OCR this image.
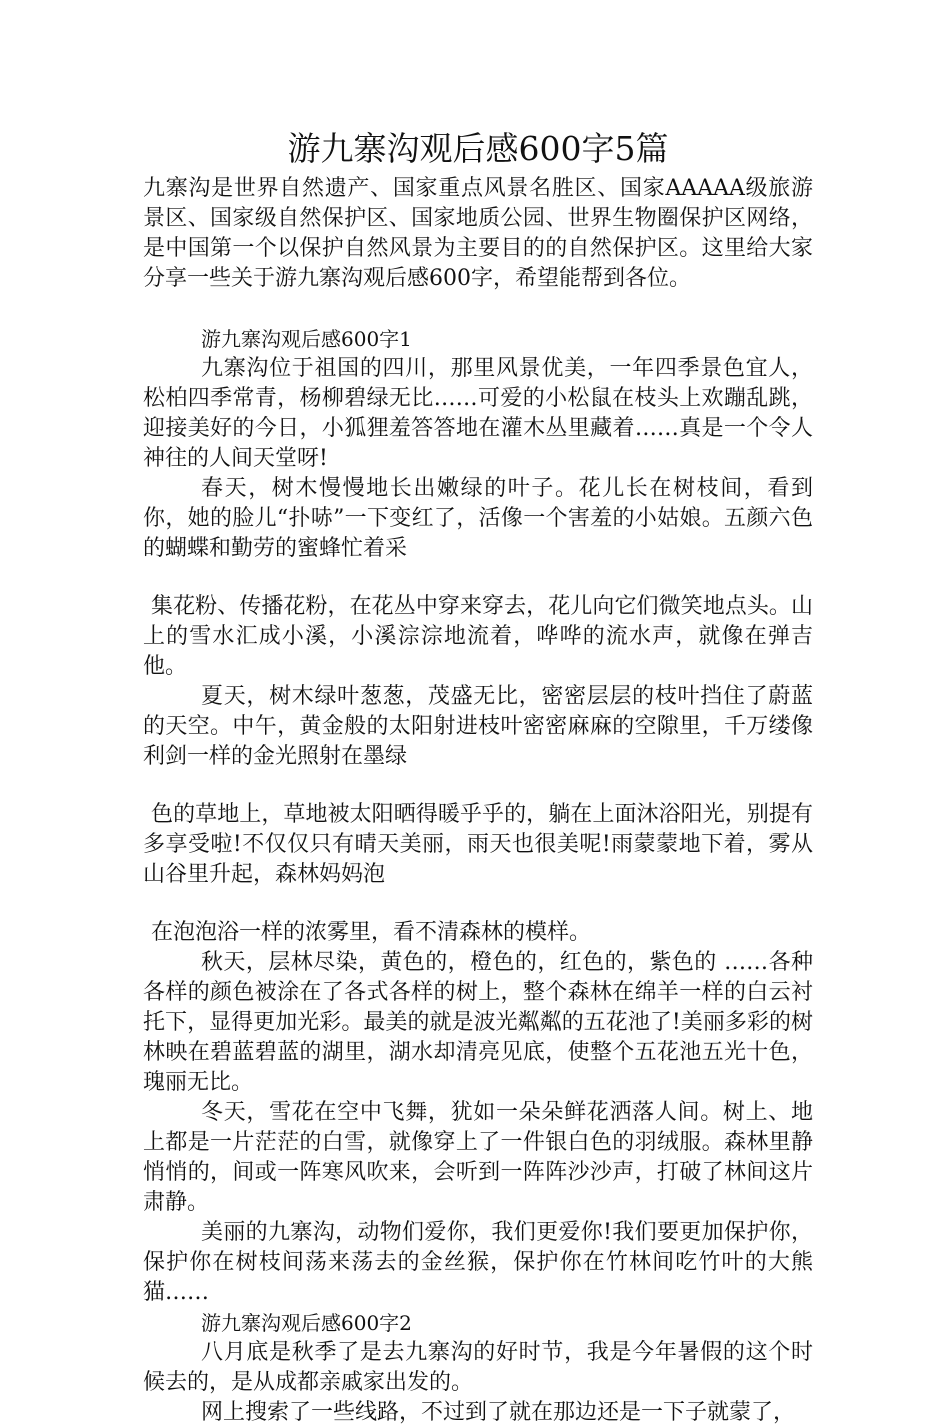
游九寨沟观后感600字5篇

九寨沟是世界自然遗产、国家重点风景名胜区、国家AAAAA级旅游景区、国家级自然保护区、国家地质公园、世界生物圈保护区网络，是中国第一个以保护自然风景为主要目的的自然保护区。这里给大家分享一些关于游九寨沟观后感600字，希望能帮到各位。

游九寨沟观后感600字1

九寨沟位于祖国的四川，那里风景优美，一年四季景色宜人，松柏四季常青，杨柳碧绿无比……可爱的小松鼠在枝头上欢蹦乱跳，迎接美好的今日，小狐狸羞答答地在灌木丛里藏着……真是一个令人神往的人间天堂呀!

春天，树木慢慢地长出嫩绿的叶子。花儿长在树枝间，看到你，她的脸儿“扑哧”一下变红了，活像一个害羞的小姑娘。五颜六色的蝴蝶和勤劳的蜜蜂忙着采

集花粉、传播花粉，在花丛中穿来穿去，花儿向它们微笑地点头。山上的雪水汇成小溪，小溪淙淙地流着，哗哗的流水声，就像在弹吉他。

夏天，树木绿叶葱葱，茂盛无比，密密层层的枝叶挡住了蔚蓝的天空。中午，黄金般的太阳射进枝叶密密麻麻的空隙里，千万缕像利剑一样的金光照射在墨绿

色的草地上，草地被太阳晒得暖乎乎的，躺在上面沐浴阳光，别提有多享受啦!不仅仅只有晴天美丽，雨天也很美呢!雨蒙蒙地下着，雾从山谷里升起，森林妈妈泡

在泡泡浴一样的浓雾里，看不清森林的模样。

秋天，层林尽染，黄色的，橙色的，红色的，紫色的 ……各种各样的颜色被涂在了各式各样的树上，整个森林在绵羊一样的白云衬托下，显得更加光彩。最美的就是波光粼粼的五花池了!美丽多彩的树林映在碧蓝碧蓝的湖里，湖水却清亮见底，使整个五花池五光十色，瑰丽无比。

冬天，雪花在空中飞舞，犹如一朵朵鲜花洒落人间。树上、地上都是一片茫茫的白雪，就像穿上了一件银白色的羽绒服。森林里静悄悄的，间或一阵寒风吹来，会听到一阵阵沙沙声，打破了林间这片肃静。

美丽的九寨沟，动物们爱你，我们更爱你!我们要更加保护你，保护你在树枝间荡来荡去的金丝猴，保护你在竹林间吃竹叶的大熊猫……

游九寨沟观后感600字2

八月底是秋季了是去九寨沟的好时节，我是今年暑假的这个时候去的，是从成都亲戚家出发的。

网上搜索了一些线路，不过到了就在那边还是一下子就蒙了，
